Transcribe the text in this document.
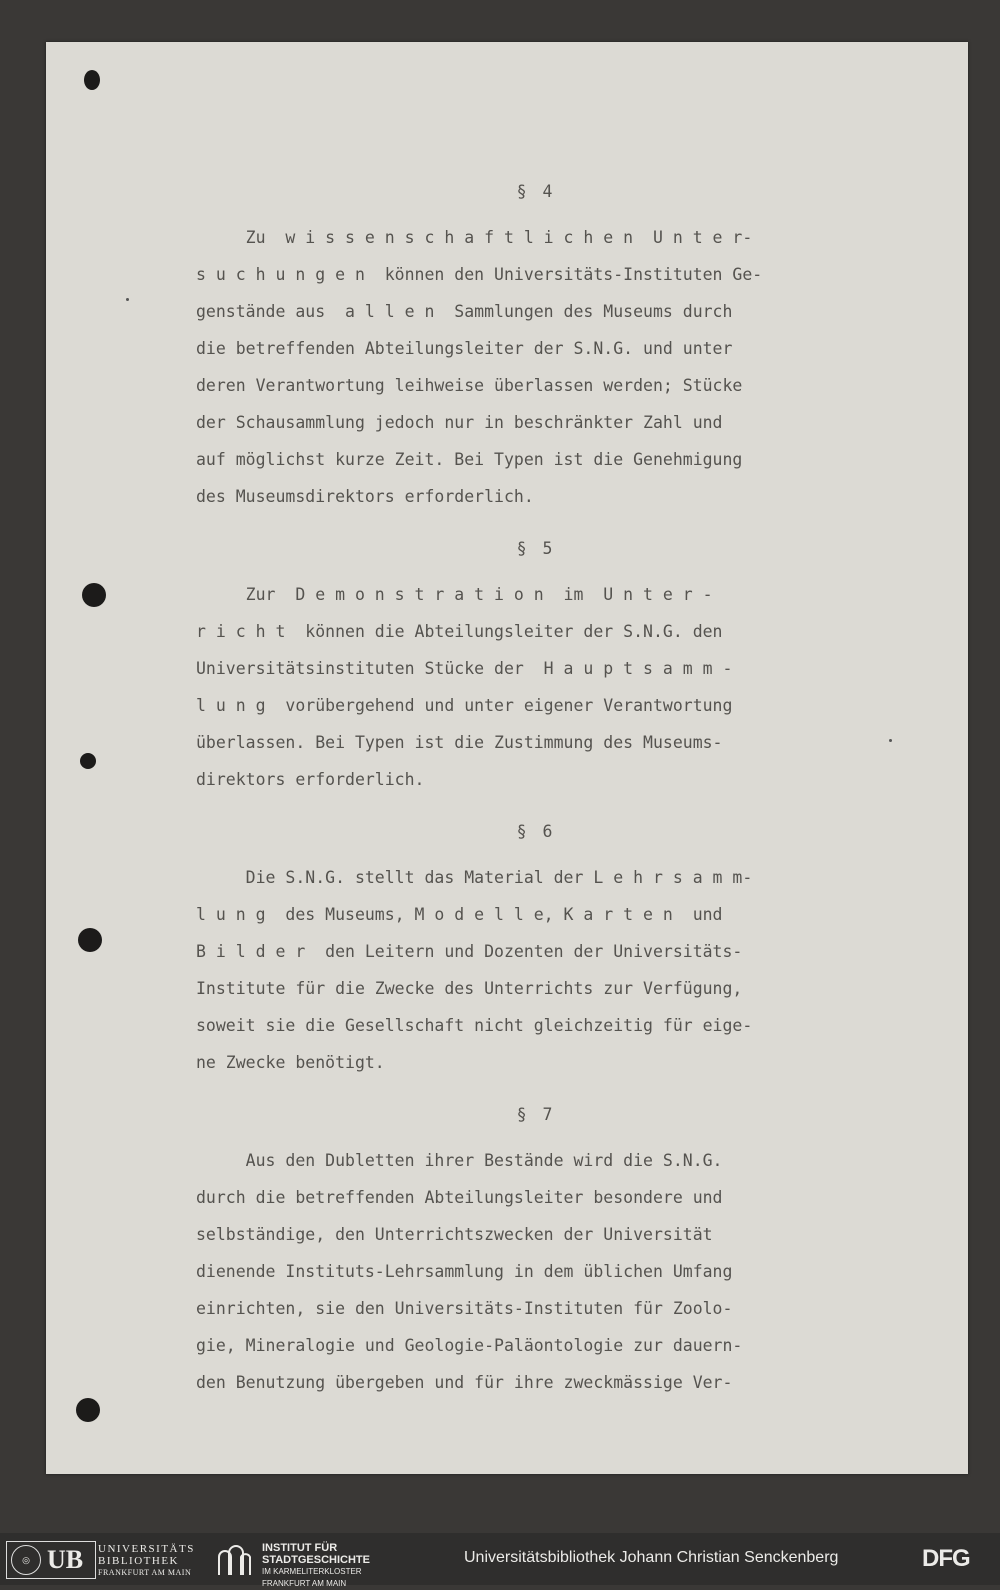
§ 4
Zu  w i s s e n s c h a f t l i c h e n  U n t e r-
s u c h u n g e n  können den Universitäts-Instituten Ge-
genstände aus  a l l e n  Sammlungen des Museums durch
die betreffenden Abteilungsleiter der S.N.G. und unter
deren Verantwortung leihweise überlassen werden; Stücke
der Schausammlung jedoch nur in beschränkter Zahl und
auf möglichst kurze Zeit. Bei Typen ist die Genehmigung
des Museumsdirektors erforderlich.
§ 5
Zur  D e m o n s t r a t i o n  im  U n t e r -
r i c h t  können die Abteilungsleiter der S.N.G. den
Universitätsinstituten Stücke der  H a u p t s a m m -
l u n g  vorübergehend und unter eigener Verantwortung
überlassen. Bei Typen ist die Zustimmung des Museums-
direktors erforderlich.
§ 6
Die S.N.G. stellt das Material der L e h r s a m m-
l u n g  des Museums, M o d e l l e, K a r t e n  und
B i l d e r  den Leitern und Dozenten der Universitäts-
Institute für die Zwecke des Unterrichts zur Verfügung,
soweit sie die Gesellschaft nicht gleichzeitig für eige-
ne Zwecke benötigt.
§ 7
Aus den Dubletten ihrer Bestände wird die S.N.G.
durch die betreffenden Abteilungsleiter besondere und
selbständige, den Unterrichtszwecken der Universität
dienende Instituts-Lehrsammlung in dem üblichen Umfang
einrichten, sie den Universitäts-Instituten für Zoolo-
gie, Mineralogie und Geologie-Paläontologie zur dauern-
den Benutzung übergeben und für ihre zweckmässige Ver-
◎ UB UNIVERSITÄTS
BIBLIOTHEK
FRANKFURT AM MAIN
INSTITUT FÜR
STADTGESCHICHTE
IM KARMELITERKLOSTER
FRANKFURT AM MAIN
Universitätsbibliothek Johann Christian Senckenberg	DFG
